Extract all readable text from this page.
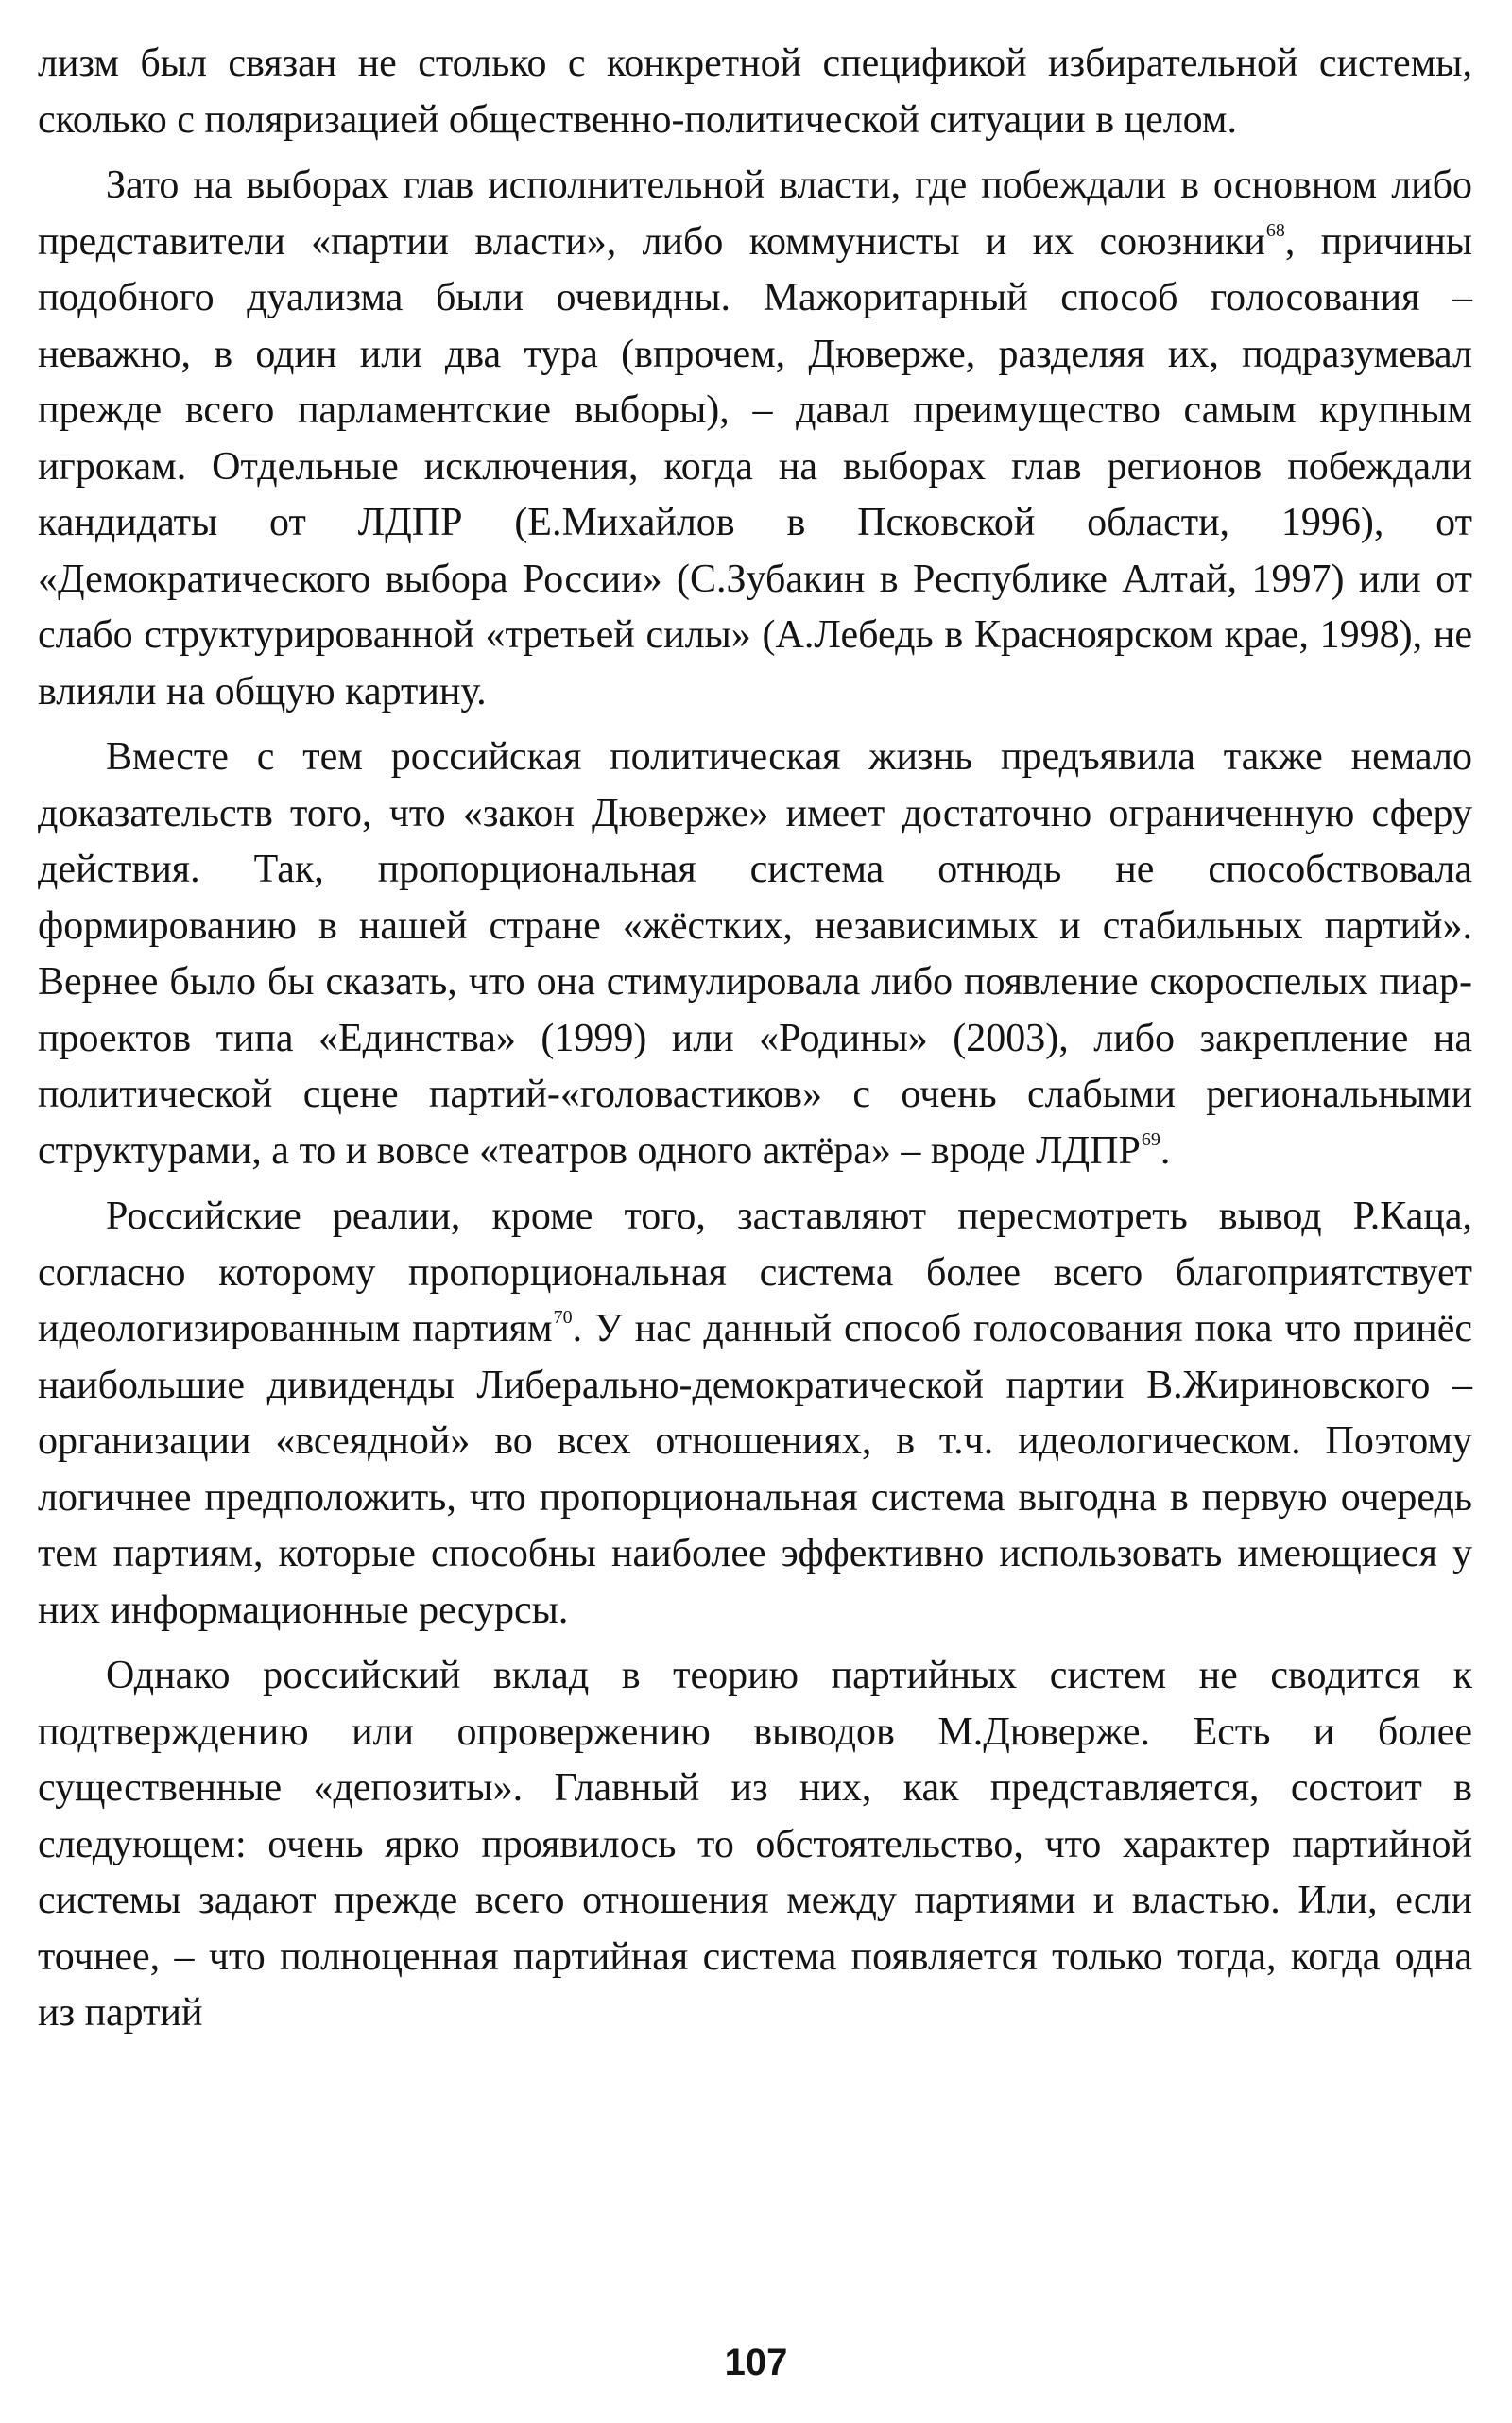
лизм был связан не столько с конкретной спецификой избирательной системы, сколько с поляризацией общественно-политической ситуации в целом.

Зато на выборах глав исполнительной власти, где побеждали в основном либо представители «партии власти», либо коммунисты и их союзники$^{68}$, причины подобного дуализма были очевидны. Мажоритарный способ голосования – неважно, в один или два тура (впрочем, Дюверже, разделяя их, подразумевал прежде всего парламентские выборы), – давал преимущество самым крупным игрокам. Отдельные исключения, когда на выборах глав регионов побеждали кандидаты от ЛДПР (Е.Михайлов в Псковской области, 1996), от «Демократического выбора России» (С.Зубакин в Республике Алтай, 1997) или от слабо структурированной «третьей силы» (А.Лебедь в Красноярском крае, 1998), не влияли на общую картину.

Вместе с тем российская политическая жизнь предъявила также немало доказательств того, что «закон Дюверже» имеет достаточно ограниченную сферу действия. Так, пропорциональная система отнюдь не способствовала формированию в нашей стране «жёстких, независимых и стабильных партий». Вернее было бы сказать, что она стимулировала либо появление скороспелых пиар-проектов типа «Единства» (1999) или «Родины» (2003), либо закрепление на политической сцене партий-«головастиков» с очень слабыми региональными структурами, а то и вовсе «театров одного актёра» – вроде ЛДПР$^{69}$.

Российские реалии, кроме того, заставляют пересмотреть вывод Р.Каца, согласно которому пропорциональная система более всего благоприятствует идеологизированным партиям$^{70}$. У нас данный способ голосования пока что принёс наибольшие дивиденды Либерально-демократической партии В.Жириновского – организации «всеядной» во всех отношениях, в т.ч. идеологическом. Поэтому логичнее предположить, что пропорциональная система выгодна в первую очередь тем партиям, которые способны наиболее эффективно использовать имеющиеся у них информационные ресурсы.

Однако российский вклад в теорию партийных систем не сводится к подтверждению или опровержению выводов М.Дюверже. Есть и более существенные «депозиты». Главный из них, как представляется, состоит в следующем: очень ярко проявилось то обстоятельство, что характер партийной системы задают прежде всего отношения между партиями и властью. Или, если точнее, – что полноценная партийная система появляется только тогда, когда одна из партий

107
